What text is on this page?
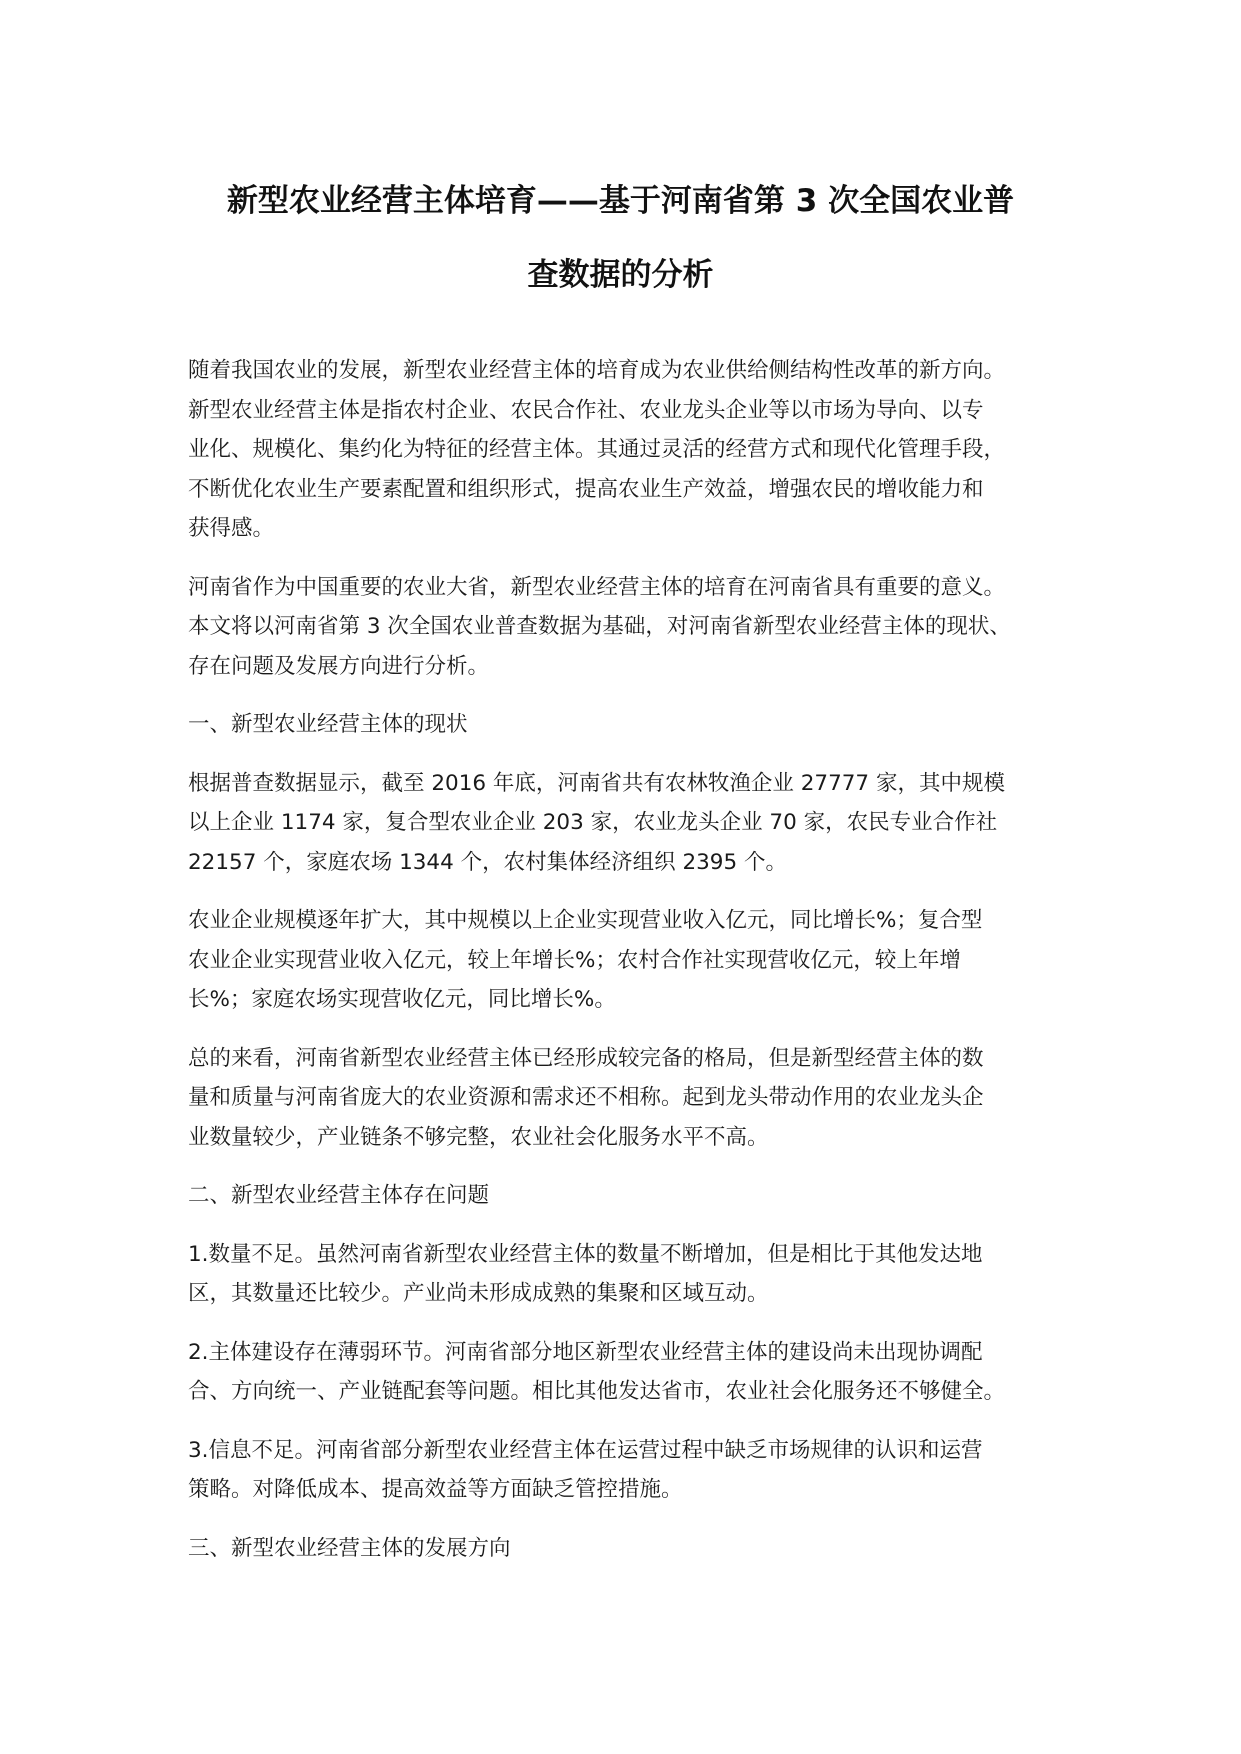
新型农业经营主体培育——基于河南省第 3 次全国农业普
查数据的分析
随着我国农业的发展，新型农业经营主体的培育成为农业供给侧结构性改革的新方向。
新型农业经营主体是指农村企业、农民合作社、农业龙头企业等以市场为导向、以专
业化、规模化、集约化为特征的经营主体。其通过灵活的经营方式和现代化管理手段，
不断优化农业生产要素配置和组织形式，提高农业生产效益，增强农民的增收能力和
获得感。
河南省作为中国重要的农业大省，新型农业经营主体的培育在河南省具有重要的意义。
本文将以河南省第 3 次全国农业普查数据为基础，对河南省新型农业经营主体的现状、
存在问题及发展方向进行分析。
一、新型农业经营主体的现状
根据普查数据显示，截至 2016 年底，河南省共有农林牧渔企业 27777 家，其中规模
以上企业 1174 家，复合型农业企业 203 家，农业龙头企业 70 家，农民专业合作社
22157 个，家庭农场 1344 个，农村集体经济组织 2395 个。
农业企业规模逐年扩大，其中规模以上企业实现营业收入亿元，同比增长%；复合型
农业企业实现营业收入亿元，较上年增长%；农村合作社实现营收亿元，较上年增
长%；家庭农场实现营收亿元，同比增长%。
总的来看，河南省新型农业经营主体已经形成较完备的格局，但是新型经营主体的数
量和质量与河南省庞大的农业资源和需求还不相称。起到龙头带动作用的农业龙头企
业数量较少，产业链条不够完整，农业社会化服务水平不高。
二、新型农业经营主体存在问题
1.数量不足。虽然河南省新型农业经营主体的数量不断增加，但是相比于其他发达地
区，其数量还比较少。产业尚未形成成熟的集聚和区域互动。
2.主体建设存在薄弱环节。河南省部分地区新型农业经营主体的建设尚未出现协调配
合、方向统一、产业链配套等问题。相比其他发达省市，农业社会化服务还不够健全。
3.信息不足。河南省部分新型农业经营主体在运营过程中缺乏市场规律的认识和运营
策略。对降低成本、提高效益等方面缺乏管控措施。
三、新型农业经营主体的发展方向
